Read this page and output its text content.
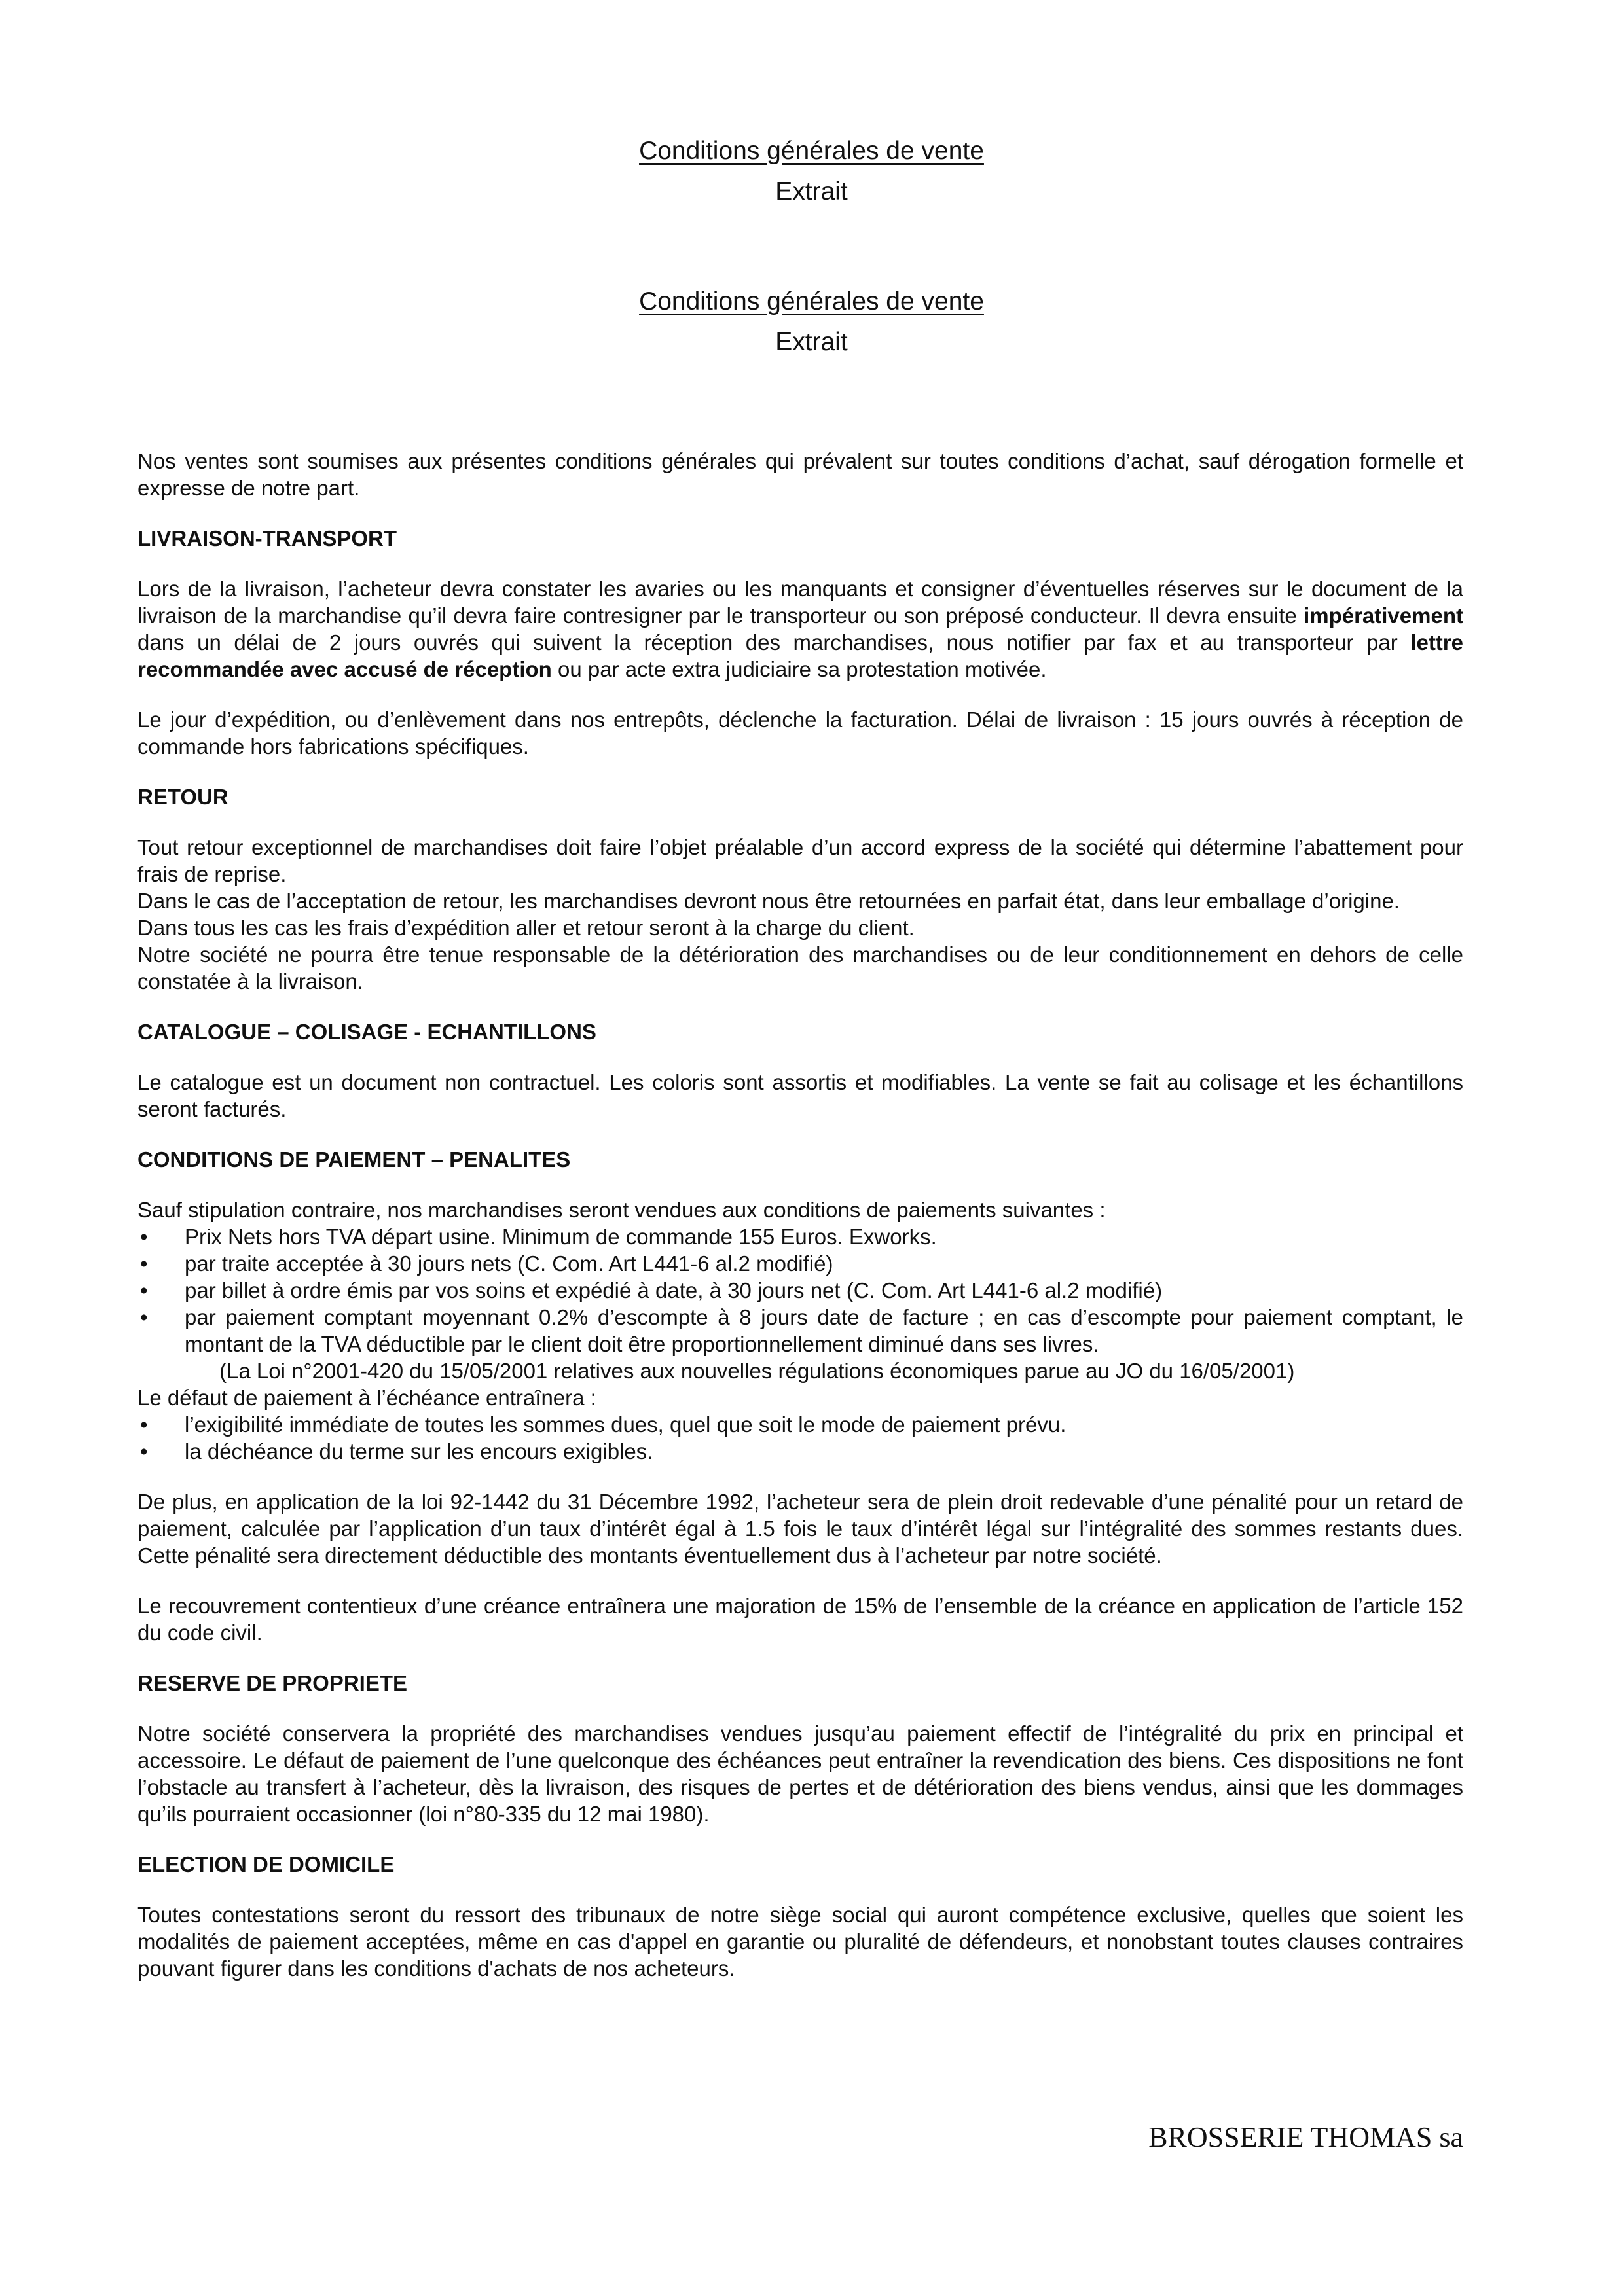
Conditions générales de vente
Extrait
Conditions générales de vente
Extrait

Nos ventes sont soumises aux présentes conditions générales qui prévalent sur toutes conditions d’achat, sauf dérogation formelle et expresse de notre part.

LIVRAISON-TRANSPORT

Lors de la livraison, l’acheteur devra constater les avaries ou les manquants et consigner d’éventuelles réserves sur le document de la livraison de la marchandise qu’il devra faire contresigner par le transporteur ou son préposé conducteur. Il devra ensuite impérativement dans un délai de 2 jours ouvrés qui suivent la réception des marchandises, nous notifier par fax et au transporteur par lettre recommandée avec accusé de réception ou par acte extra judiciaire sa protestation motivée.

Le jour d’expédition, ou d’enlèvement dans nos entrepôts, déclenche la facturation. Délai de livraison : 15 jours ouvrés à réception de commande hors fabrications spécifiques.

RETOUR

Tout retour exceptionnel de marchandises doit faire l’objet préalable d’un accord express de la société qui détermine l’abattement pour frais de reprise.

Dans le cas de l’acceptation de retour, les marchandises devront nous être retournées en parfait état, dans leur emballage d’origine.

Dans tous les cas les frais d’expédition aller et retour seront à la charge du client.

Notre société ne pourra être tenue responsable de la détérioration des marchandises ou de leur conditionnement en dehors de celle constatée à la livraison.

CATALOGUE – COLISAGE - ECHANTILLONS

Le catalogue est un document non contractuel. Les coloris sont assortis et modifiables. La vente se fait au colisage et les échantillons seront facturés.

CONDITIONS DE PAIEMENT – PENALITES

Sauf stipulation contraire, nos marchandises seront vendues aux conditions de paiements suivantes :

• Prix Nets hors TVA départ usine. Minimum de commande 155 Euros. Exworks.
• par traite acceptée à 30 jours nets (C. Com. Art L441-6 al.2 modifié)
• par billet à ordre émis par vos soins et expédié à date, à 30 jours net (C. Com. Art L441-6 al.2 modifié)
• par paiement comptant moyennant 0.2% d’escompte à 8 jours date de facture ; en cas d’escompte pour paiement comptant, le montant de la TVA déductible par le client doit être proportionnellement diminué dans ses livres.

(La Loi n°2001-420 du 15/05/2001 relatives aux nouvelles régulations économiques parue au JO du 16/05/2001)

Le défaut de paiement à l’échéance entraînera :

• l’exigibilité immédiate de toutes les sommes dues, quel que soit le mode de paiement prévu.
• la déchéance du terme sur les encours exigibles.

De plus, en application de la loi 92-1442 du 31 Décembre 1992, l’acheteur sera de plein droit redevable d’une pénalité pour un retard de paiement, calculée par l’application d’un taux d’intérêt égal à 1.5 fois le taux d’intérêt légal sur l’intégralité des sommes restants dues. Cette pénalité sera directement déductible des montants éventuellement dus à l’acheteur par notre société.

Le recouvrement contentieux d’une créance entraînera une majoration de 15% de l’ensemble de la créance en application de l’article 152 du code civil.

RESERVE DE PROPRIETE

Notre société conservera la propriété des marchandises vendues jusqu’au paiement effectif de l’intégralité du prix en principal et accessoire. Le défaut de paiement de l’une quelconque des échéances peut entraîner la revendication des biens. Ces dispositions ne font l’obstacle au transfert à l’acheteur, dès la livraison, des risques de pertes et de détérioration des biens vendus, ainsi que les dommages qu’ils pourraient occasionner (loi n°80-335 du 12 mai 1980).

ELECTION DE DOMICILE

Toutes contestations seront du ressort des tribunaux de notre siège social qui auront compétence exclusive, quelles que soient les modalités de paiement acceptées, même en cas d'appel en garantie ou pluralité de défendeurs, et nonobstant toutes clauses contraires pouvant figurer dans les conditions d'achats de nos acheteurs.

BROSSERIE THOMAS sa
